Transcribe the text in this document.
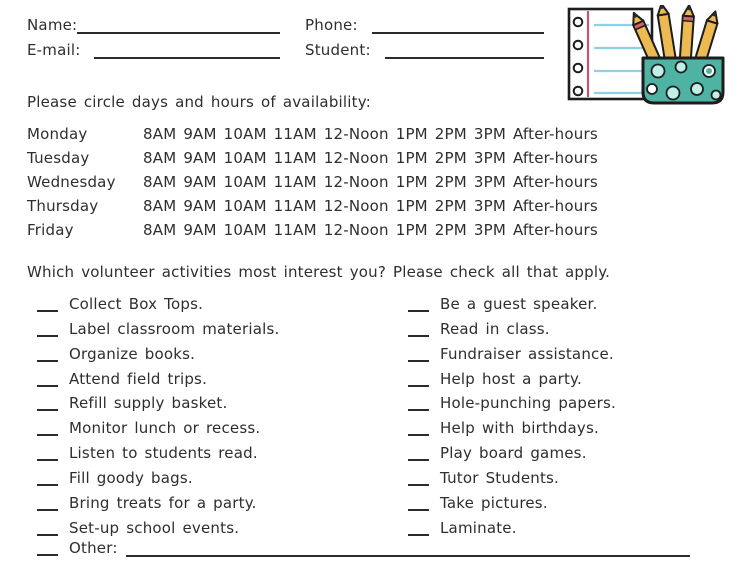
Name:	Phone:
E-mail:	Student:
Please circle days and hours of availability:
Monday	8AM 9AM 10AM 11AM 12-Noon 1PM 2PM 3PM After-hours
Tuesday	8AM 9AM 10AM 11AM 12-Noon 1PM 2PM 3PM After-hours
Wednesday	8AM 9AM 10AM 11AM 12-Noon 1PM 2PM 3PM After-hours
Thursday	8AM 9AM 10AM 11AM 12-Noon 1PM 2PM 3PM After-hours
Friday	8AM 9AM 10AM 11AM 12-Noon 1PM 2PM 3PM After-hours
Which volunteer activities most interest you? Please check all that apply.
Collect Box Tops.
Label classroom materials.
Organize books.
Attend field trips.
Refill supply basket.
Monitor lunch or recess.
Listen to students read.
Fill goody bags.
Bring treats for a party.
Set-up school events.
Be a guest speaker.
Read in class.
Fundraiser assistance.
Help host a party.
Hole-punching papers.
Help with birthdays.
Play board games.
Tutor Students.
Take pictures.
Laminate.
Other:
